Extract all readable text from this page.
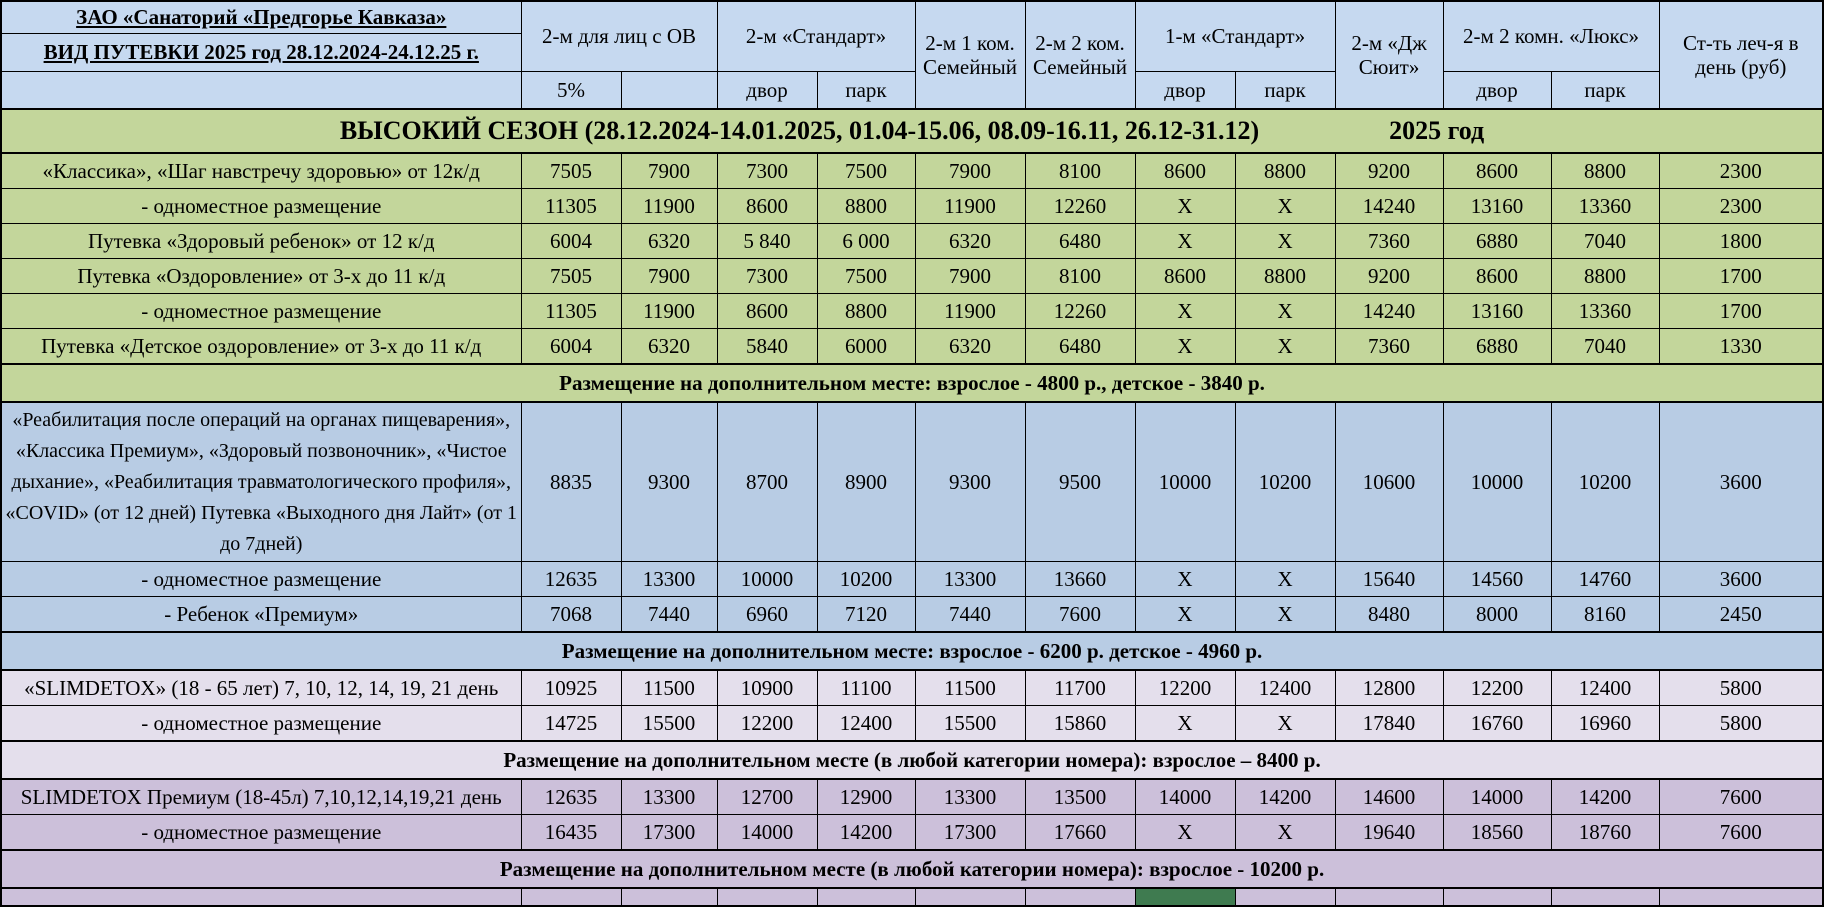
ЗАО «Санаторий «Предгорье Кавказа»	2-м для лиц с ОВ		2-м «Стандарт»		2-м 1 ком. Семейный	2-м 2 ком. Семейный	1-м «Стандарт»		2-м «Дж Сюит»	2-м 2 комн. «Люкс»		Ст-ть леч-я в день (руб)
ВИД ПУТЕВКИ 2025 год 28.12.2024-24.12.25 г.												
	5%		двор	парк			двор	парк		двор	парк	

ВЫСОКИЙ СЕЗОН (28.12.2024-14.01.2025, 01.04-15.06, 08.09-16.11, 26.12-31.12) 2025 год												

«Классика», «Шаг навстречу здоровью» от 12к/д	7505	7900	7300	7500	7900	8100	8600	8800	9200	8600	8800	2300
- одноместное размещение	11305	11900	8600	8800	11900	12260	X	X	14240	13160	13360	2300
Путевка «Здоровый ребенок» от 12 к/д	6004	6320	5 840	6 000	6320	6480	X	X	7360	6880	7040	1800
Путевка «Оздоровление» от 3-х до 11 к/д	7505	7900	7300	7500	7900	8100	8600	8800	9200	8600	8800	1700
- одноместное размещение	11305	11900	8600	8800	11900	12260	X	X	14240	13160	13360	1700
Путевка «Детское оздоровление» от 3-х до 11 к/д	6004	6320	5840	6000	6320	6480	X	X	7360	6880	7040	1330
Размещение на дополнительном месте: взрослое - 4800 р., детское - 3840 р.												
«Реабилитация после операций на органах пищеварения», «Классика Премиум», «Здоровый позвоночник», «Чистое дыхание», «Реабилитация травматологического профиля», «COVID» (от 12 дней) Путевка «Выходного дня Лайт» (от 1 до 7дней)	8835	9300	8700	8900	9300	9500	10000	10200	10600	10000	10200	3600
- одноместное размещение	12635	13300	10000	10200	13300	13660	X	X	15640	14560	14760	3600
- Ребенок «Премиум»	7068	7440	6960	7120	7440	7600	X	X	8480	8000	8160	2450
Размещение на дополнительном месте: взрослое - 6200 р. детское - 4960 р.												
«SLIMDETOX» (18 - 65 лет) 7, 10, 12, 14, 19, 21 день	10925	11500	10900	11100	11500	11700	12200	12400	12800	12200	12400	5800
- одноместное размещение	14725	15500	12200	12400	15500	15860	X	X	17840	16760	16960	5800
Размещение на дополнительном месте (в любой категории номера): взрослое – 8400 р.												
SLIMDETOX Премиум (18-45л) 7,10,12,14,19,21 день	12635	13300	12700	12900	13300	13500	14000	14200	14600	14000	14200	7600
- одноместное размещение	16435	17300	14000	14200	17300	17660	X	X	19640	18560	18760	7600
Размещение на дополнительном месте (в любой категории номера): взрослое - 10200 р.												
